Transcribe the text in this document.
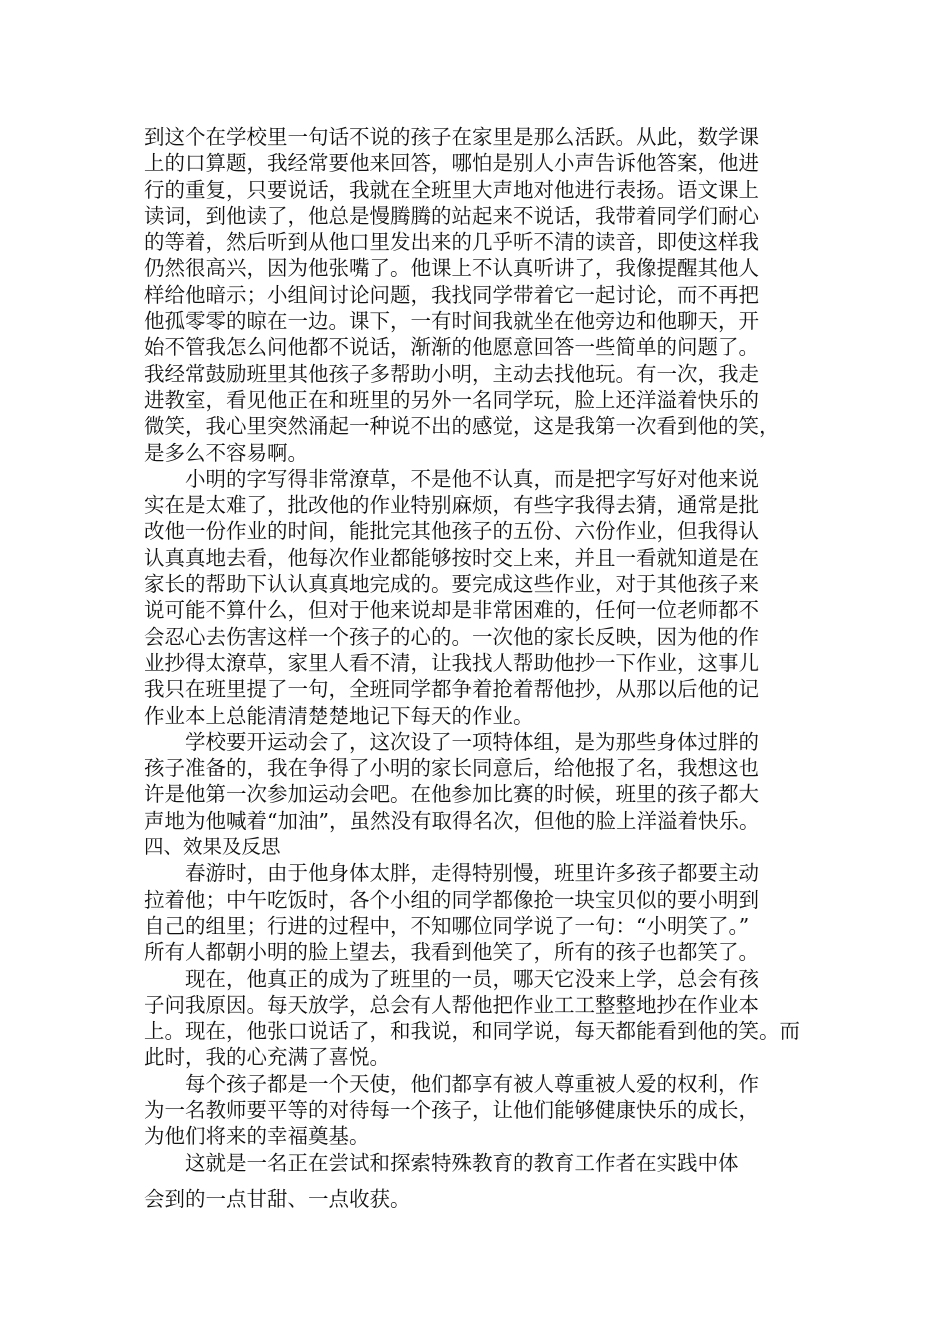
到这个在学校里一句话不说的孩子在家里是那么活跃。从此，数学课
上的口算题，我经常要他来回答，哪怕是别人小声告诉他答案，他进
行的重复，只要说话，我就在全班里大声地对他进行表扬。语文课上
读词，到他读了，他总是慢腾腾的站起来不说话，我带着同学们耐心
的等着，然后听到从他口里发出来的几乎听不清的读音，即使这样我
仍然很高兴，因为他张嘴了。他课上不认真听讲了，我像提醒其他人
样给他暗示；小组间讨论问题，我找同学带着它一起讨论，而不再把
他孤零零的晾在一边。课下，一有时间我就坐在他旁边和他聊天，开
始不管我怎么问他都不说话，渐渐的他愿意回答一些简单的问题了。
我经常鼓励班里其他孩子多帮助小明，主动去找他玩。有一次，我走
进教室，看见他正在和班里的另外一名同学玩，脸上还洋溢着快乐的
微笑，我心里突然涌起一种说不出的感觉，这是我第一次看到他的笑，
是多么不容易啊。
小明的字写得非常潦草，不是他不认真，而是把字写好对他来说
实在是太难了，批改他的作业特别麻烦，有些字我得去猜，通常是批
改他一份作业的时间，能批完其他孩子的五份、六份作业，但我得认
认真真地去看，他每次作业都能够按时交上来，并且一看就知道是在
家长的帮助下认认真真地完成的。要完成这些作业，对于其他孩子来
说可能不算什么，但对于他来说却是非常困难的，任何一位老师都不
会忍心去伤害这样一个孩子的心的。一次他的家长反映，因为他的作
业抄得太潦草，家里人看不清，让我找人帮助他抄一下作业，这事儿
我只在班里提了一句，全班同学都争着抢着帮他抄，从那以后他的记
作业本上总能清清楚楚地记下每天的作业。
学校要开运动会了，这次设了一项特体组，是为那些身体过胖的
孩子准备的，我在争得了小明的家长同意后，给他报了名，我想这也
许是他第一次参加运动会吧。在他参加比赛的时候，班里的孩子都大
声地为他喊着“加油”，虽然没有取得名次，但他的脸上洋溢着快乐。
四、效果及反思
春游时，由于他身体太胖，走得特别慢，班里许多孩子都要主动
拉着他；中午吃饭时，各个小组的同学都像抢一块宝贝似的要小明到
自己的组里；行进的过程中，不知哪位同学说了一句：“小明笑了。”
所有人都朝小明的脸上望去，我看到他笑了，所有的孩子也都笑了。
现在，他真正的成为了班里的一员，哪天它没来上学，总会有孩
子问我原因。每天放学，总会有人帮他把作业工工整整地抄在作业本
上。现在，他张口说话了，和我说，和同学说，每天都能看到他的笑。而
此时，我的心充满了喜悦。
每个孩子都是一个天使，他们都享有被人尊重被人爱的权利，作
为一名教师要平等的对待每一个孩子，让他们能够健康快乐的成长，
为他们将来的幸福奠基。
这就是一名正在尝试和探索特殊教育的教育工作者在实践中体
会到的一点甘甜、一点收获。
